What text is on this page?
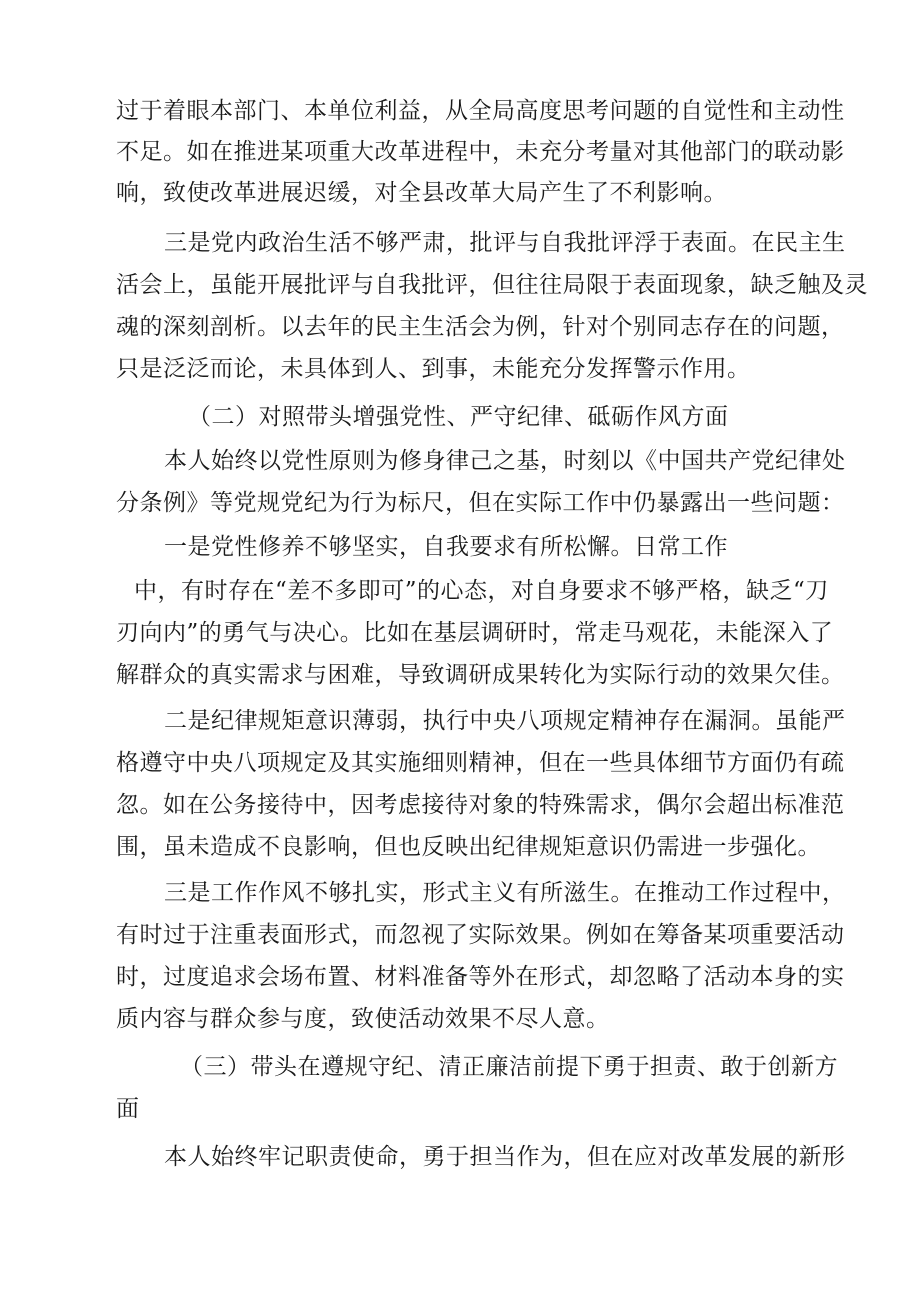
过于着眼本部门、本单位利益，从全局高度思考问题的自觉性和主动性
不足。如在推进某项重大改革进程中，未充分考量对其他部门的联动影
响，致使改革进展迟缓，对全县改革大局产生了不利影响。
三是党内政治生活不够严肃，批评与自我批评浮于表面。在民主生
活会上，虽能开展批评与自我批评，但往往局限于表面现象，缺乏触及灵
魂的深刻剖析。以去年的民主生活会为例，针对个别同志存在的问题，
只是泛泛而论，未具体到人、到事，未能充分发挥警示作用。
（二）对照带头增强党性、严守纪律、砥砺作风方面
本人始终以党性原则为修身律己之基，时刻以《中国共产党纪律处
分条例》等党规党纪为行为标尺，但在实际工作中仍暴露出一些问题：
一是党性修养不够坚实，自我要求有所松懈。日常工作
中，有时存在“差不多即可”的心态，对自身要求不够严格，缺乏“刀
刃向内”的勇气与决心。比如在基层调研时，常走马观花，未能深入了
解群众的真实需求与困难，导致调研成果转化为实际行动的效果欠佳。
二是纪律规矩意识薄弱，执行中央八项规定精神存在漏洞。虽能严
格遵守中央八项规定及其实施细则精神，但在一些具体细节方面仍有疏
忽。如在公务接待中，因考虑接待对象的特殊需求，偶尔会超出标准范
围，虽未造成不良影响，但也反映出纪律规矩意识仍需进一步强化。
三是工作作风不够扎实，形式主义有所滋生。在推动工作过程中，
有时过于注重表面形式，而忽视了实际效果。例如在筹备某项重要活动
时，过度追求会场布置、材料准备等外在形式，却忽略了活动本身的实
质内容与群众参与度，致使活动效果不尽人意。
（三）带头在遵规守纪、清正廉洁前提下勇于担责、敢于创新方
面
本人始终牢记职责使命，勇于担当作为，但在应对改革发展的新形
